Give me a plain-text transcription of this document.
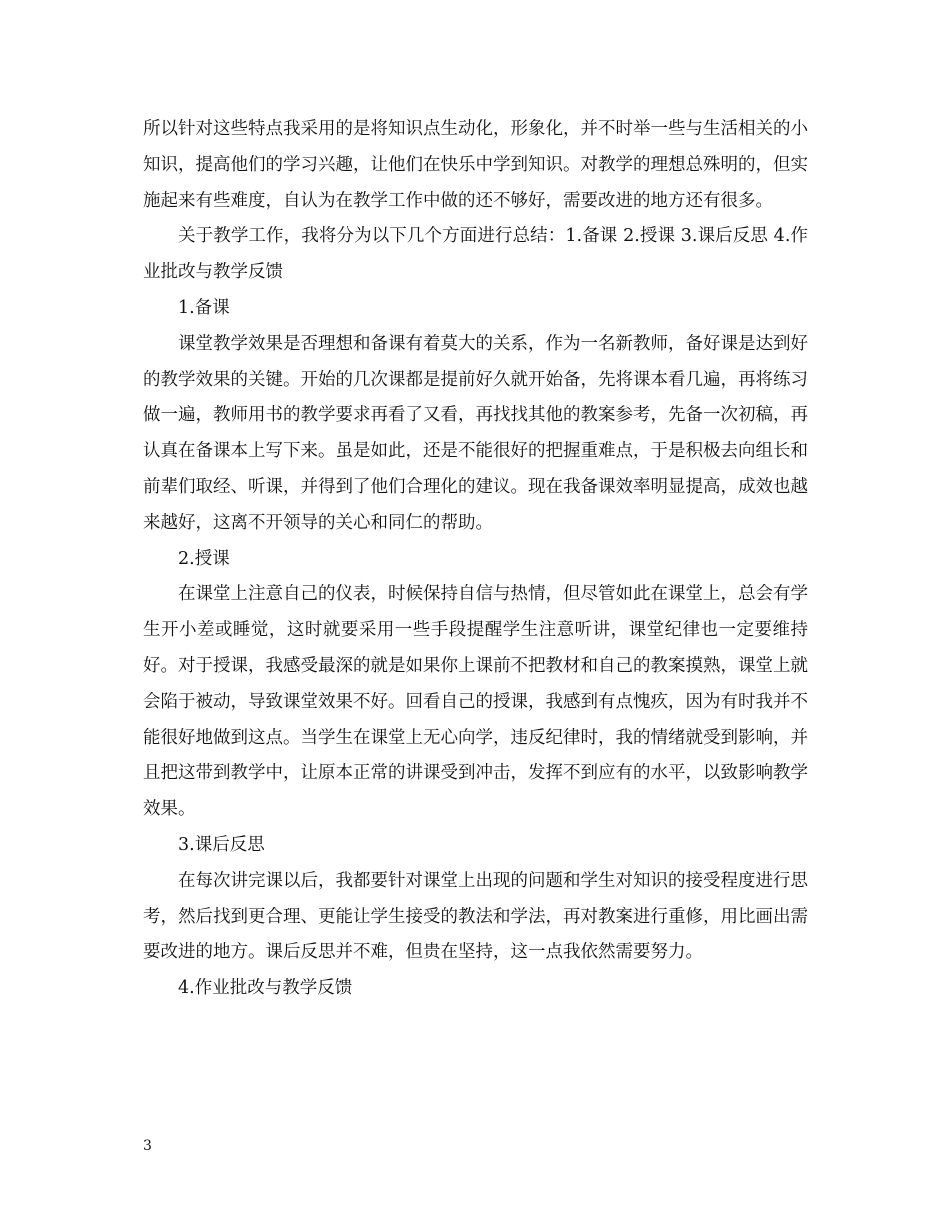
所以针对这些特点我采用的是将知识点生动化，形象化，并不时举一些与生活相关的小知识，提高他们的学习兴趣，让他们在快乐中学到知识。对教学的理想总殊明的，但实施起来有些难度，自认为在教学工作中做的还不够好，需要改进的地方还有很多。

关于教学工作，我将分为以下几个方面进行总结：1.备课 2.授课 3.课后反思 4.作业批改与教学反馈

1.备课

课堂教学效果是否理想和备课有着莫大的关系，作为一名新教师，备好课是达到好的教学效果的关键。开始的几次课都是提前好久就开始备，先将课本看几遍，再将练习做一遍，教师用书的教学要求再看了又看，再找找其他的教案参考，先备一次初稿，再认真在备课本上写下来。虽是如此，还是不能很好的把握重难点，于是积极去向组长和前辈们取经、听课，并得到了他们合理化的建议。现在我备课效率明显提高，成效也越来越好，这离不开领导的关心和同仁的帮助。

2.授课

在课堂上注意自己的仪表，时候保持自信与热情，但尽管如此在课堂上，总会有学生开小差或睡觉，这时就要采用一些手段提醒学生注意听讲，课堂纪律也一定要维持好。对于授课，我感受最深的就是如果你上课前不把教材和自己的教案摸熟，课堂上就会陷于被动，导致课堂效果不好。回看自己的授课，我感到有点愧疚，因为有时我并不能很好地做到这点。当学生在课堂上无心向学，违反纪律时，我的情绪就受到影响，并且把这带到教学中，让原本正常的讲课受到冲击，发挥不到应有的水平，以致影响教学效果。

3.课后反思

在每次讲完课以后，我都要针对课堂上出现的问题和学生对知识的接受程度进行思考，然后找到更合理、更能让学生接受的教法和学法，再对教案进行重修，用比画出需要改进的地方。课后反思并不难，但贵在坚持，这一点我依然需要努力。

4.作业批改与教学反馈

3
